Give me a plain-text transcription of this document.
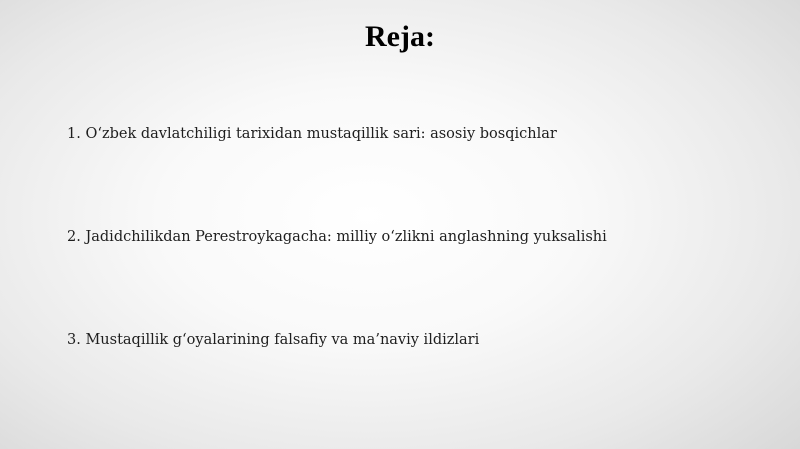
Reja:
1. O‘zbek davlatchiligi tarixidan mustaqillik sari: asosiy bosqichlar
2. Jadidchilikdan Perestroykagacha: milliy o‘zlikni anglashning yuksalishi
3. Mustaqillik g‘oyalarining falsafiy va ma’naviy ildizlari
